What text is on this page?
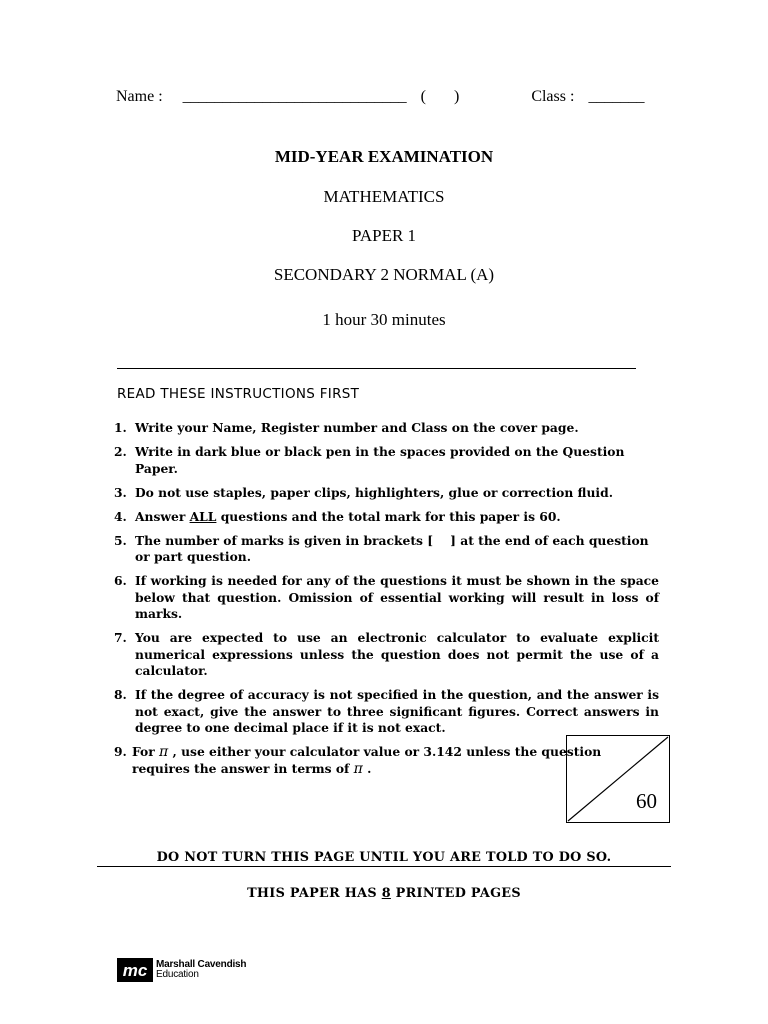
Name : ____________________________ (       )	Class : _______
MID-YEAR EXAMINATION
MATHEMATICS
PAPER 1
SECONDARY 2 NORMAL (A)
1 hour 30 minutes
READ THESE INSTRUCTIONS FIRST
1. Write your Name, Register number and Class on the cover page.
2. Write in dark blue or black pen in the spaces provided on the Question Paper.
3. Do not use staples, paper clips, highlighters, glue or correction fluid.
4. Answer ALL questions and the total mark for this paper is 60.
5. The number of marks is given in brackets [    ] at the end of each question or part question.
6. If working is needed for any of the questions it must be shown in the space below that question. Omission of essential working will result in loss of marks.
7. You are expected to use an electronic calculator to evaluate explicit numerical expressions unless the question does not permit the use of a calculator.
8. If the degree of accuracy is not specified in the question, and the answer is not exact, give the answer to three significant figures. Correct answers in degree to one decimal place if it is not exact.
9. For π , use either your calculator value or 3.142 unless the question requires the answer in terms of π .
60
DO NOT TURN THIS PAGE UNTIL YOU ARE TOLD TO DO SO.
THIS PAPER HAS 8 PRINTED PAGES
mc Marshall Cavendish
Education
